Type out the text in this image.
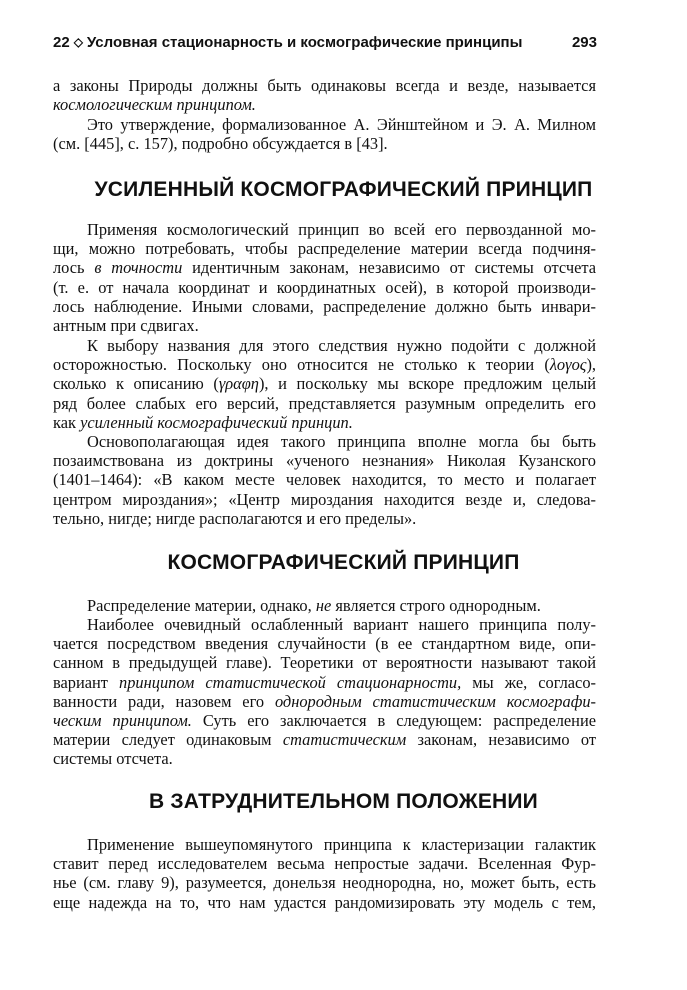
22 ◇ Условная стационарность и космографические принципы	293
а законы Природы должны быть одинаковы всегда и везде, называется
космологическим принципом.
Это утверждение, формализованное А. Эйнштейном и Э. А. Милном
(см. [445], с. 157), подробно обсуждается в [43].
УСИЛЕННЫЙ КОСМОГРАФИЧЕСКИЙ ПРИНЦИП
Применяя космологический принцип во всей его первозданной мо-
щи, можно потребовать, чтобы распределение материи всегда подчиня-
лось в точности идентичным законам, независимо от системы отсчета
(т. е. от начала координат и координатных осей), в которой производи-
лось наблюдение. Иными словами, распределение должно быть инвари-
антным при сдвигах.
К выбору названия для этого следствия нужно подойти с должной
осторожностью. Поскольку оно относится не столько к теории (λογος),
сколько к описанию (γραφη), и поскольку мы вскоре предложим целый
ряд более слабых его версий, представляется разумным определить его
как усиленный космографический принцип.
Основополагающая идея такого принципа вполне могла бы быть
позаимствована из доктрины «ученого незнания» Николая Кузанского
(1401–1464): «В каком месте человек находится, то место и полагает
центром мироздания»; «Центр мироздания находится везде и, следова-
тельно, нигде; нигде располагаются и его пределы».
КОСМОГРАФИЧЕСКИЙ ПРИНЦИП
Распределение материи, однако, не является строго однородным.
Наиболее очевидный ослабленный вариант нашего принципа полу-
чается посредством введения случайности (в ее стандартном виде, опи-
санном в предыдущей главе). Теоретики от вероятности называют такой
вариант принципом статистической стационарности, мы же, согласо-
ванности ради, назовем его однородным статистическим космографи-
ческим принципом. Суть его заключается в следующем: распределение
материи следует одинаковым статистическим законам, независимо от
системы отсчета.
В ЗАТРУДНИТЕЛЬНОМ ПОЛОЖЕНИИ
Применение вышеупомянутого принципа к кластеризации галактик
ставит перед исследователем весьма непростые задачи. Вселенная Фур-
нье (см. главу 9), разумеется, донельзя неоднородна, но, может быть, есть
еще надежда на то, что нам удастся рандомизировать эту модель с тем,
